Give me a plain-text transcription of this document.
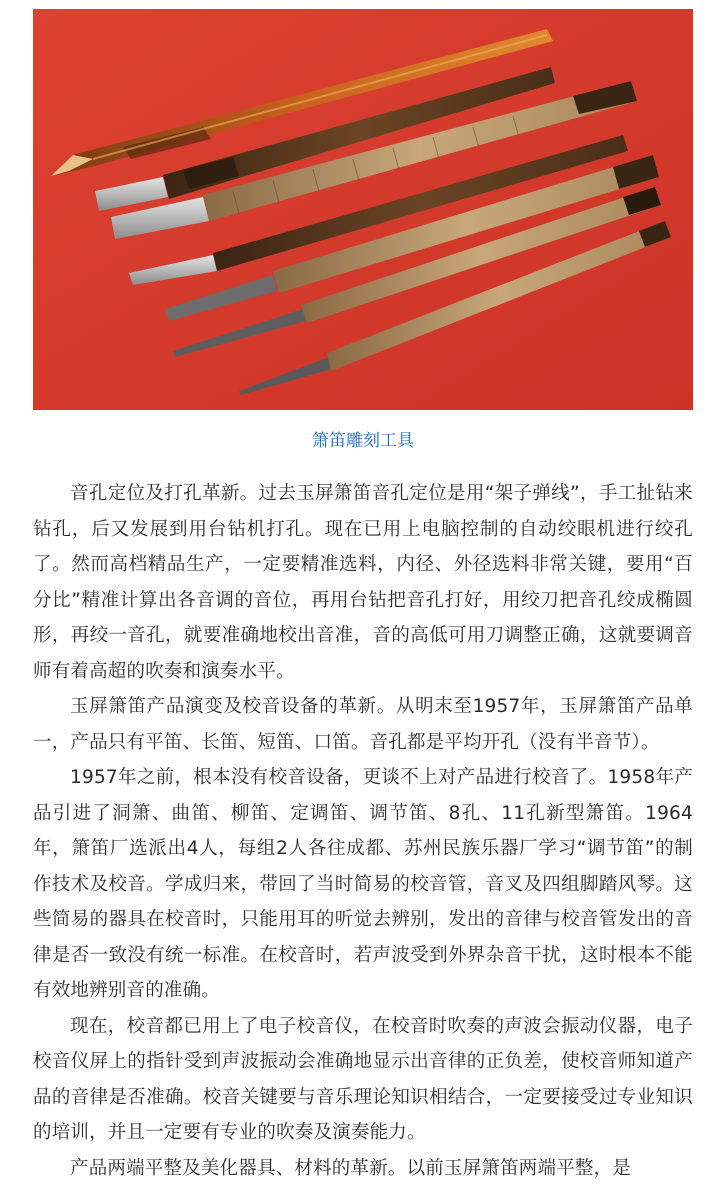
箫笛雕刻工具

音孔定位及打孔革新。过去玉屏箫笛音孔定位是用“架子弹线”，手工扯钻来钻孔，后又发展到用台钻机打孔。现在已用上电脑控制的自动绞眼机进行绞孔了。然而高档精品生产，一定要精准选料，内径、外径选料非常关键，要用“百分比”精准计算出各音调的音位，再用台钻把音孔打好，用绞刀把音孔绞成椭圆形，再绞一音孔，就要准确地校出音准，音的高低可用刀调整正确，这就要调音师有着高超的吹奏和演奏水平。

玉屏箫笛产品演变及校音设备的革新。从明末至1957年，玉屏箫笛产品单一，产品只有平笛、长笛、短笛、口笛。音孔都是平均开孔（没有半音节）。

1957年之前，根本没有校音设备，更谈不上对产品进行校音了。1958年产品引进了洞箫、曲笛、柳笛、定调笛、调节笛、8孔、11孔新型箫笛。1964年，箫笛厂选派出4人，每组2人各往成都、苏州民族乐器厂学习“调节笛”的制作技术及校音。学成归来，带回了当时简易的校音管，音叉及四组脚踏风琴。这些简易的器具在校音时，只能用耳的听觉去辨别，发出的音律与校音管发出的音律是否一致没有统一标准。在校音时，若声波受到外界杂音干扰，这时根本不能有效地辨别音的准确。

现在，校音都已用上了电子校音仪，在校音时吹奏的声波会振动仪器，电子校音仪屏上的指针受到声波振动会准确地显示出音律的正负差，使校音师知道产品的音律是否准确。校音关键要与音乐理论知识相结合，一定要接受过专业知识的培训，并且一定要有专业的吹奏及演奏能力。

产品两端平整及美化器具、材料的革新。以前玉屏箫笛两端平整，是
